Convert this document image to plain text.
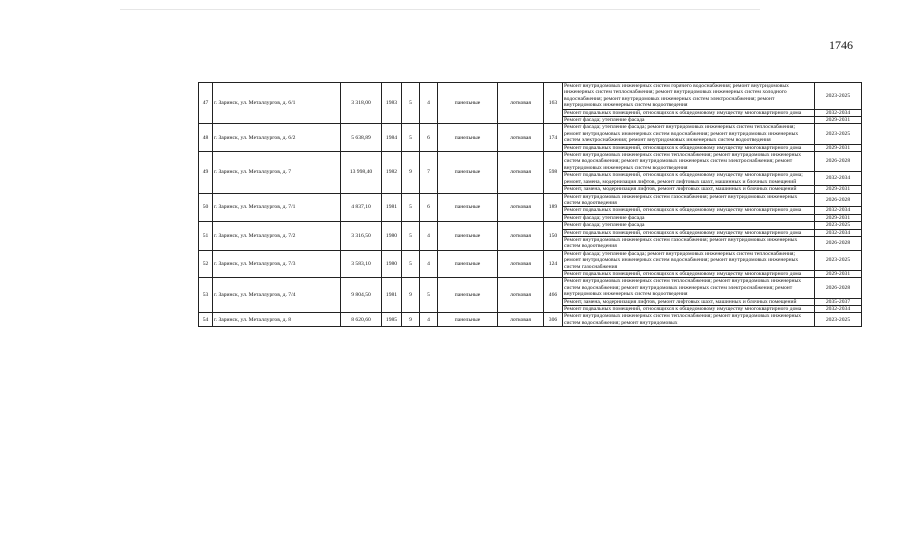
1746
47	г. Заринск, ул. Металлургов, д. 6/1	3 318,00	1983	5	4	панельные	лотковая	163	Ремонт внутридомовых инженерных систем горячего водоснабжения; ремонт внутридомовых инженерных систем теплоснабжения; ремонт внутридомовых инженерных систем холодного водоснабжения; ремонт внутридомовых инженерных систем электроснабжения; ремонт внутридомовых инженерных систем водоотведения	2023-2025
									Ремонт подвальных помещений, относящихся к общедомовому имуществу многоквартирного дома	2032-2034
									Ремонт фасада; утепление фасада	2029-2031
48	г. Заринск, ул. Металлургов, д. 6/2	5 638,89	1984	5	6	панельные	лотковая	174	Ремонт фасада; утепление фасада; ремонт внутридомовых инженерных систем теплоснабжения; ремонт внутридомовых инженерных систем водоснабжения; ремонт внутридомовых инженерных систем электроснабжения; ремонт внутридомовых инженерных систем водоотведения	2023-2025
									Ремонт подвальных помещений, относящихся к общедомовому имуществу многоквартирного дома	2029-2031
49	г. Заринск, ул. Металлургов, д. 7	13 998,40	1982	9	7	панельные	лотковая	598	Ремонт внутридомовых инженерных систем теплоснабжения; ремонт внутридомовых инженерных систем водоснабжения; ремонт внутридомовых инженерных систем электроснабжения; ремонт внутридомовых инженерных систем водоотведения	2026-2028
									Ремонт подвальных помещений, относящихся к общедомовому имуществу многоквартирного дома; ремонт, замена, модернизация лифтов, ремонт лифтовых шахт, машинных и блочных помещений	2032-2034
									Ремонт, замена, модернизация лифтов, ремонт лифтовых шахт, машинных и блочных помещений	2029-2031
50	г. Заринск, ул. Металлургов, д. 7/1	4 837,10	1981	5	6	панельные	лотковая	189	Ремонт внутридомовых инженерных систем газоснабжения; ремонт внутридомовых инженерных систем водоотведения	2026-2028
									Ремонт подвальных помещений, относящихся к общедомовому имуществу многоквартирного дома	2032-2034
									Ремонт фасада; утепление фасада	2029-2031
51	г. Заринск, ул. Металлургов, д. 7/2	3 316,50	1980	5	4	панельные	лотковая	150	Ремонт фасада; утепление фасада	2023-2025
									Ремонт подвальных помещений, относящихся к общедомовому имуществу многоквартирного дома	2032-2034
									Ремонт внутридомовых инженерных систем газоснабжения; ремонт внутридомовых инженерных систем водоотведения	2026-2028
52	г. Заринск, ул. Металлургов, д. 7/3	3 583,10	1980	5	4	панельные	лотковая	124	Ремонт фасада; утепление фасада; ремонт внутридомовых инженерных систем теплоснабжения; ремонт внутридомовых инженерных систем водоснабжения; ремонт внутридомовых инженерных систем газоснабжения	2023-2025
									Ремонт подвальных помещений, относящихся к общедомовому имуществу многоквартирного дома	2029-2031
53	г. Заринск, ул. Металлургов, д. 7/4	9 804,50	1981	9	5	панельные	лотковая	466	Ремонт внутридомовых инженерных систем теплоснабжения; ремонт внутридомовых инженерных систем водоснабжения; ремонт внутридомовых инженерных систем электроснабжения; ремонт внутридомовых инженерных систем водоотведения	2026-2028
									Ремонт, замена, модернизация лифтов, ремонт лифтовых шахт, машинных и блочных помещений	2035-2037
									Ремонт подвальных помещений, относящихся к общедомовому имуществу многоквартирного дома	2032-2034
54	г. Заринск, ул. Металлургов, д. 8	8 620,60	1985	9	4	панельные	лотковая	306	Ремонт внутридомовых инженерных систем теплоснабжения; ремонт внутридомовых инженерных систем водоснабжения; ремонт внутридомовых	2023-2025
